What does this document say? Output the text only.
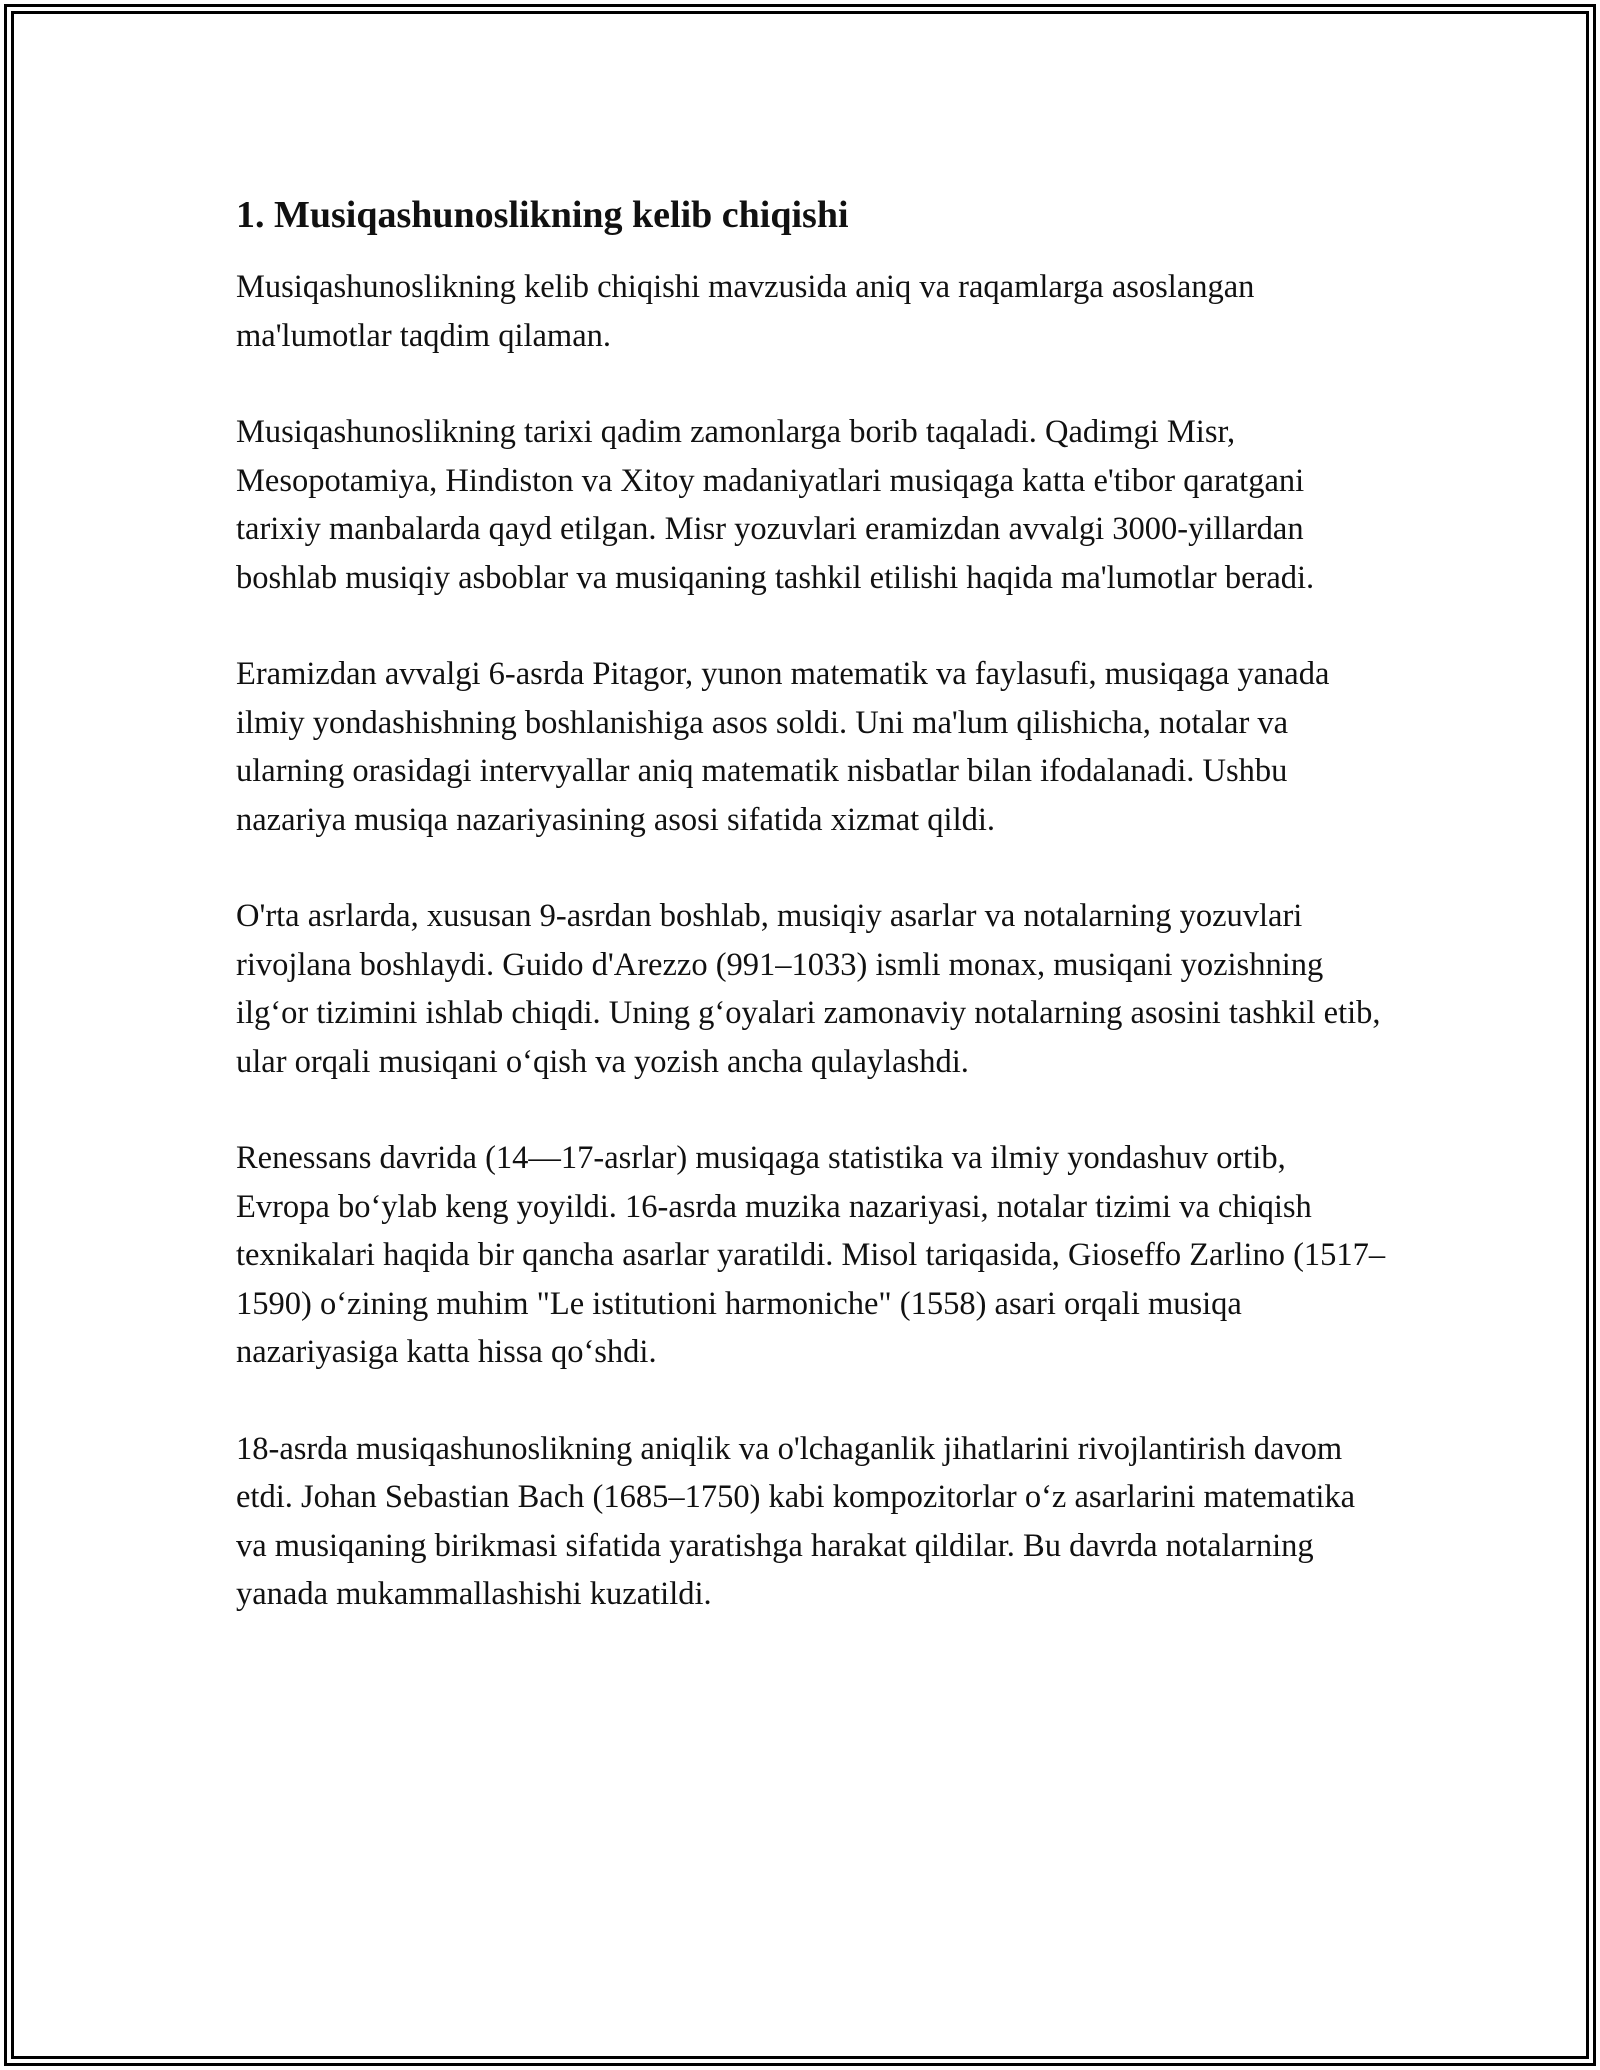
1. Musiqashunoslikning kelib chiqishi

Musiqashunoslikning kelib chiqishi mavzusida aniq va raqamlarga asoslangan ma'lumotlar taqdim qilaman.

Musiqashunoslikning tarixi qadim zamonlarga borib taqaladi. Qadimgi Misr, Mesopotamiya, Hindiston va Xitoy madaniyatlari musiqaga katta e'tibor qaratgani tarixiy manbalarda qayd etilgan. Misr yozuvlari eramizdan avvalgi 3000-yillardan boshlab musiqiy asboblar va musiqaning tashkil etilishi haqida ma'lumotlar beradi.

Eramizdan avvalgi 6-asrda Pitagor, yunon matematik va faylasufi, musiqaga yanada ilmiy yondashishning boshlanishiga asos soldi. Uni ma'lum qilishicha, notalar va ularning orasidagi intervyallar aniq matematik nisbatlar bilan ifodalanadi. Ushbu nazariya musiqa nazariyasining asosi sifatida xizmat qildi.

O'rta asrlarda, xususan 9-asrdan boshlab, musiqiy asarlar va notalarning yozuvlari rivojlana boshlaydi. Guido d'Arezzo (991–1033) ismli monax, musiqani yozishning ilg‘or tizimini ishlab chiqdi. Uning g‘oyalari zamonaviy notalarning asosini tashkil etib, ular orqali musiqani o‘qish va yozish ancha qulaylashdi.

Renessans davrida (14—17-asrlar) musiqaga statistika va ilmiy yondashuv ortib, Evropa bo‘ylab keng yoyildi. 16-asrda muzika nazariyasi, notalar tizimi va chiqish texnikalari haqida bir qancha asarlar yaratildi. Misol tariqasida, Gioseffo Zarlino (1517–1590) o‘zining muhim "Le istitutioni harmoniche" (1558) asari orqali musiqa nazariyasiga katta hissa qo‘shdi.

18-asrda musiqashunoslikning aniqlik va o'lchaganlik jihatlarini rivojlantirish davom etdi. Johan Sebastian Bach (1685–1750) kabi kompozitorlar o‘z asarlarini matematika va musiqaning birikmasi sifatida yaratishga harakat qildilar. Bu davrda notalarning yanada mukammallashishi kuzatildi.
